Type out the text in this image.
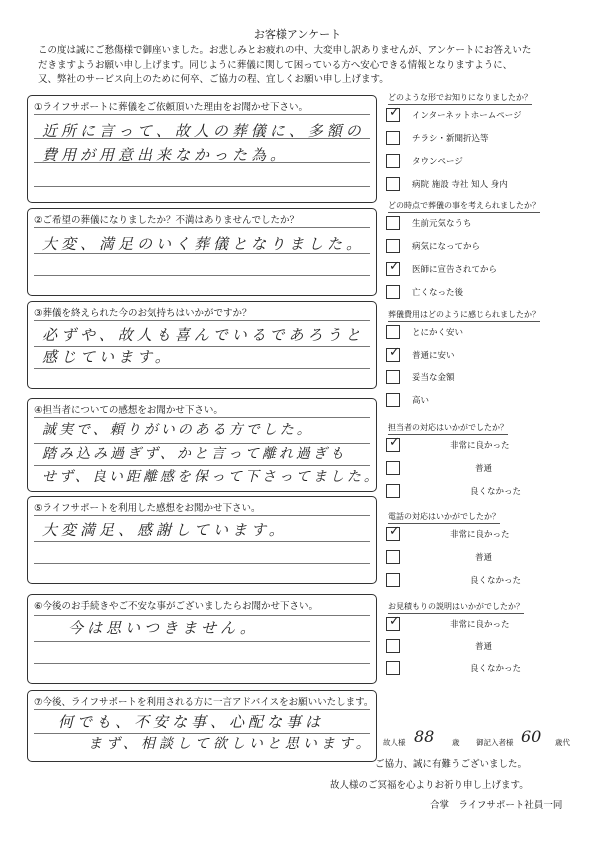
お客様アンケート
この度は誠にご愁傷様で御座いました。お悲しみとお疲れの中、大変申し訳ありませんが、アンケートにお答えいた
だきますようお願い申し上げます。同じように葬儀に関して困っている方へ安心できる情報となりますように、
又、弊社のサービス向上のために何卒、ご協力の程、宜しくお願い申し上げます。
①ライフサポートに葬儀をご依頼頂いた理由をお聞かせ下さい。
近所に言って、故人の葬儀に、多額の
費用が用意出来なかった為。
②ご希望の葬儀になりましたか？不満はありませんでしたか？
大変、満足のいく葬儀となりました。
③葬儀を終えられた今のお気持ちはいかがですか？
必ずや、故人も喜んでいるであろうと
感じています。
④担当者についての感想をお聞かせ下さい。
誠実で、頼りがいのある方でした。
踏み込み過ぎず、かと言って離れ過ぎも
せず、良い距離感を保って下さってました。
⑤ライフサポートを利用した感想をお聞かせ下さい。
大変満足、感謝しています。
⑥今後のお手続きやご不安な事がございましたらお聞かせ下さい。
今は思いつきません。
⑦今後、ライフサポートを利用される方に一言アドバイスをお願いいたします。
何でも、不安な事、心配な事は
まず、相談して欲しいと思います。
どのような形でお知りになりましたか？
✓ インターネットホームページ
チラシ・新聞折込等
タウンページ
病院 施設 寺社 知人 身内
どの時点で葬儀の事を考えられましたか？
生前元気なうち
病気になってから
✓ 医師に宣告されてから
亡くなった後
葬儀費用はどのように感じられましたか？
とにかく安い
✓ 普通に安い
妥当な金額
高い
担当者の対応はいかがでしたか？
✓	非常に良かった
普通
良くなかった
電話の対応はいかがでしたか？
✓	非常に良かった
普通
良くなかった
お見積もりの説明はいかがでしたか？
✓	非常に良かった
普通
良くなかった
故人様 88 歳 御記入者様 60 歳代
ご協力、誠に有難うございました。
故人様のご冥福を心よりお祈り申し上げます。
合掌　ライフサポート社員一同
